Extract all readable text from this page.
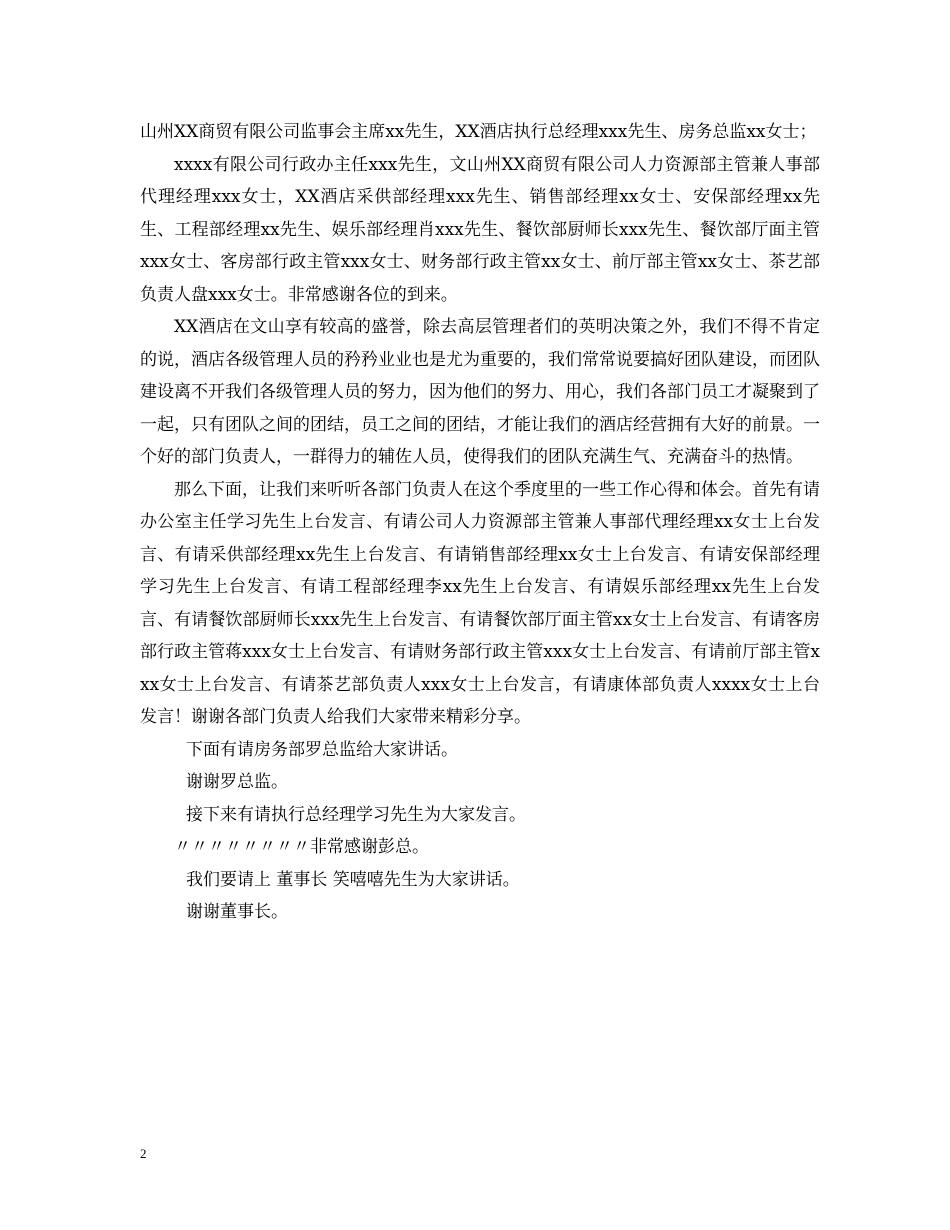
山州XX商贸有限公司监事会主席xx先生，XX酒店执行总经理xxx先生、房务总监xx女士；

xxxx有限公司行政办主任xxx先生，文山州XX商贸有限公司人力资源部主管兼人事部代理经理xxx女士，XX酒店采供部经理xxx先生、销售部经理xx女士、安保部经理xx先生、工程部经理xx先生、娱乐部经理肖xxx先生、餐饮部厨师长xxx先生、餐饮部厅面主管xxx女士、客房部行政主管xxx女士、财务部行政主管xx女士、前厅部主管xx女士、茶艺部负责人盘xxx女士。非常感谢各位的到来。

XX酒店在文山享有较高的盛誉，除去高层管理者们的英明决策之外，我们不得不肯定的说，酒店各级管理人员的矜矜业业也是尤为重要的，我们常常说要搞好团队建设，而团队建设离不开我们各级管理人员的努力，因为他们的努力、用心，我们各部门员工才凝聚到了一起，只有团队之间的团结，员工之间的团结，才能让我们的酒店经营拥有大好的前景。一个好的部门负责人，一群得力的辅佐人员，使得我们的团队充满生气、充满奋斗的热情。

那么下面，让我们来听听各部门负责人在这个季度里的一些工作心得和体会。首先有请办公室主任学习先生上台发言、有请公司人力资源部主管兼人事部代理经理xx女士上台发言、有请采供部经理xx先生上台发言、有请销售部经理xx女士上台发言、有请安保部经理学习先生上台发言、有请工程部经理李xx先生上台发言、有请娱乐部经理xx先生上台发言、有请餐饮部厨师长xxx先生上台发言、有请餐饮部厅面主管xx女士上台发言、有请客房部行政主管蒋xxx女士上台发言、有请财务部行政主管xxx女士上台发言、有请前厅部主管xxx女士上台发言、有请茶艺部负责人xxx女士上台发言，有请康体部负责人xxxx女士上台发言！谢谢各部门负责人给我们大家带来精彩分享。

下面有请房务部罗总监给大家讲话。

谢谢罗总监。

接下来有请执行总经理学习先生为大家发言。

〃〃〃〃〃〃〃〃非常感谢彭总。

我们要请上 董事长 笑嘻嘻先生为大家讲话。

谢谢董事长。

2
